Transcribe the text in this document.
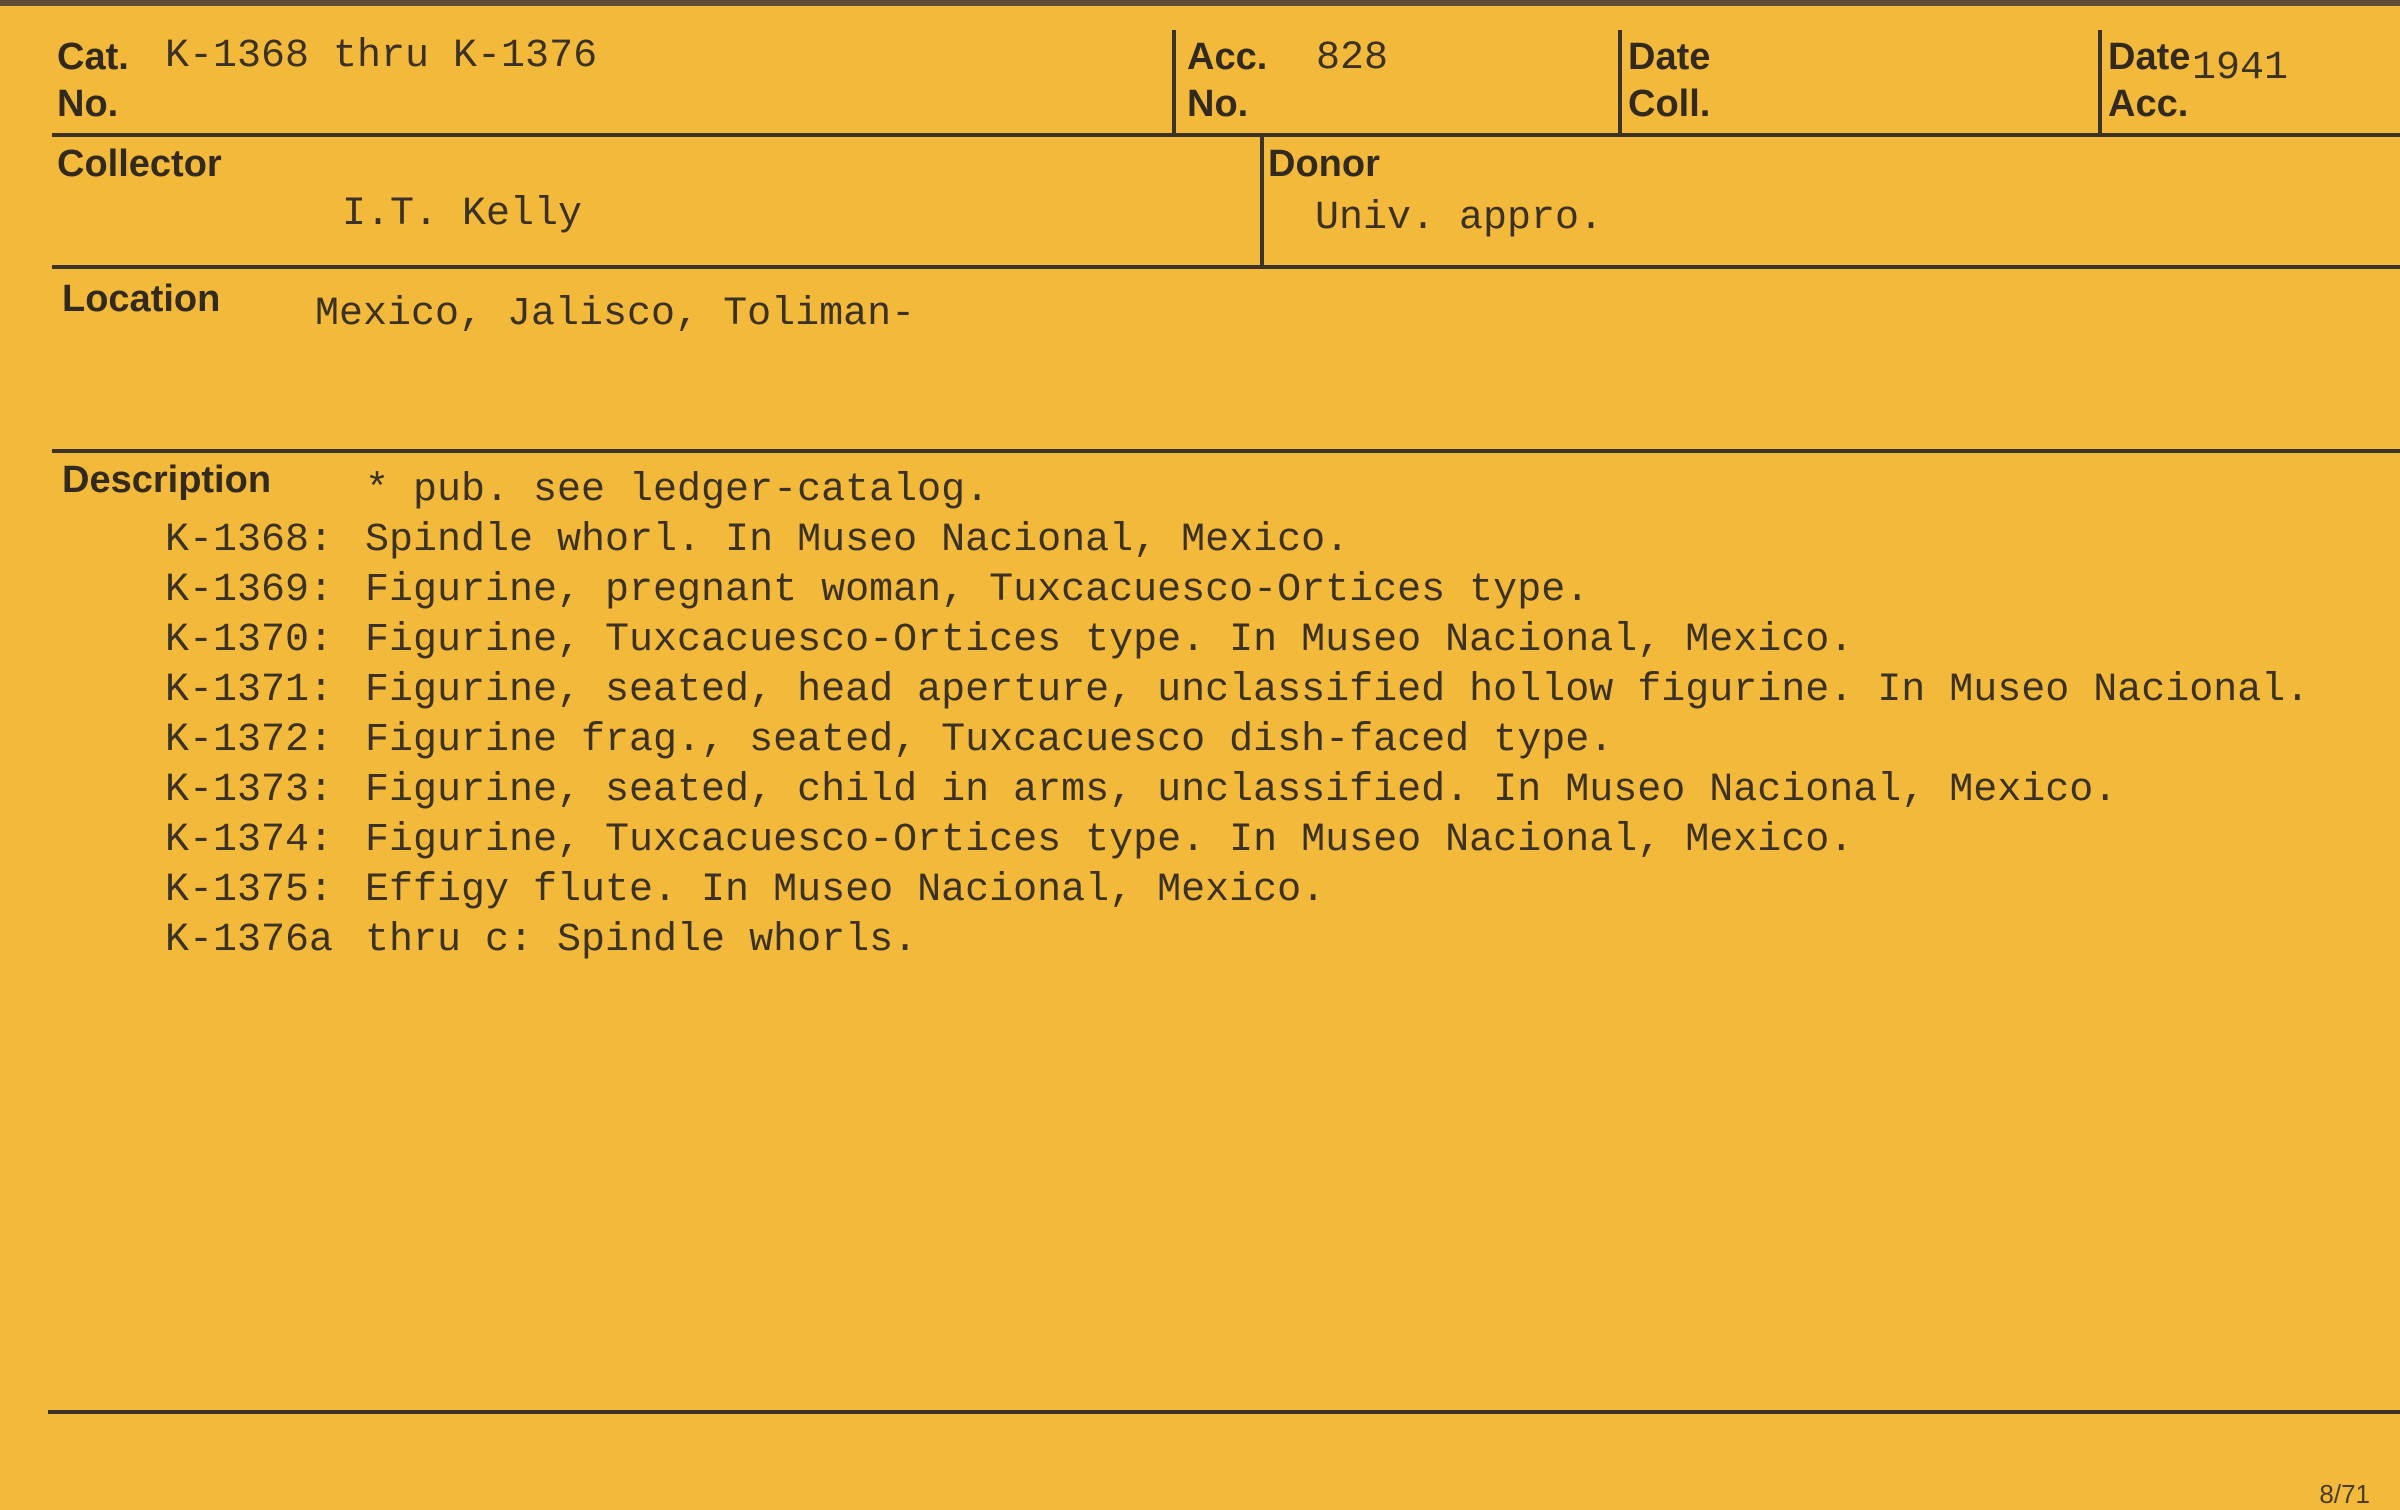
Cat.
No.
K-1368 thru K-1376	Acc.
No.
828	Date
Coll.
Date
Acc.
1941
Collector
I.T. Kelly
Donor
Univ. appro.
Location Mexico, Jalisco, Toliman-
Description * pub. see ledger-catalog.
K-1368: Spindle whorl. In Museo Nacional, Mexico.
K-1369: Figurine, pregnant woman, Tuxcacuesco-Ortices type.
K-1370: Figurine, Tuxcacuesco-Ortices type. In Museo Nacional, Mexico.
K-1371: Figurine, seated, head aperture, unclassified hollow figurine. In Museo Nacional.
K-1372: Figurine frag., seated, Tuxcacuesco dish-faced type.
K-1373: Figurine, seated, child in arms, unclassified. In Museo Nacional, Mexico.
K-1374: Figurine, Tuxcacuesco-Ortices type. In Museo Nacional, Mexico.
K-1375: Effigy flute. In Museo Nacional, Mexico.
K-1376a thru c: Spindle whorls.
8/71
